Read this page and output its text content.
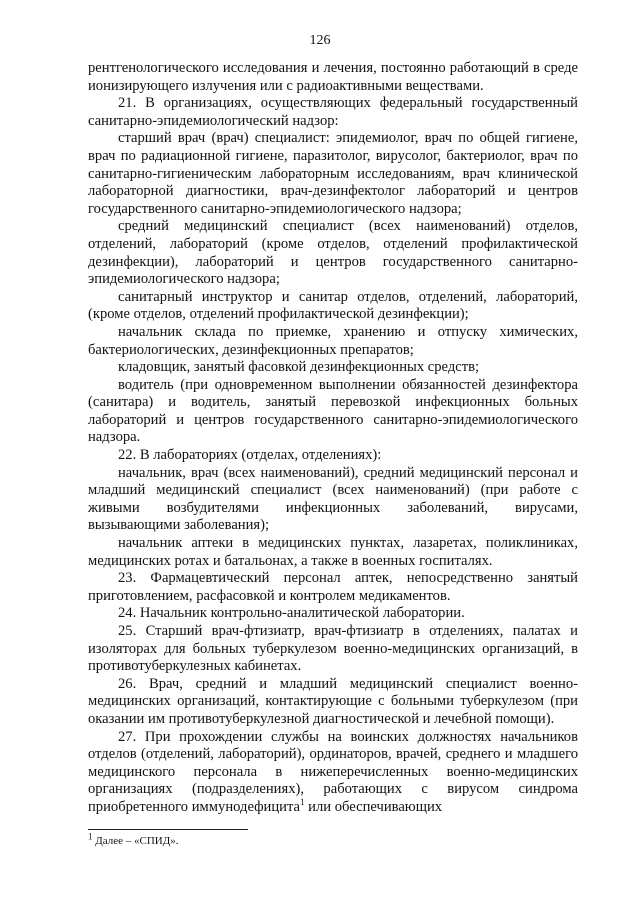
126

рентгенологического исследования и лечения, постоянно работающий в среде ионизирующего излучения или с радиоактивными веществами.

21. В организациях, осуществляющих федеральный государственный санитарно-эпидемиологический надзор:

старший врач (врач) специалист: эпидемиолог, врач по общей гигиене, врач по радиационной гигиене, паразитолог, вирусолог, бактериолог, врач по санитарно-гигиеническим лабораторным исследованиям, врач клинической лабораторной диагностики, врач-дезинфектолог лабораторий и центров государственного санитарно-эпидемиологического надзора;

средний медицинский специалист (всех наименований) отделов, отделений, лабораторий (кроме отделов, отделений профилактической дезинфекции), лабораторий и центров государственного санитарно-эпидемиологического надзора;

санитарный инструктор и санитар отделов, отделений, лабораторий, (кроме отделов, отделений профилактической дезинфекции);

начальник склада по приемке, хранению и отпуску химических, бактериологических, дезинфекционных препаратов;

кладовщик, занятый фасовкой дезинфекционных средств;

водитель (при одновременном выполнении обязанностей дезинфектора (санитара) и водитель, занятый перевозкой инфекционных больных лабораторий и центров государственного санитарно-эпидемиологического надзора.

22. В лабораториях (отделах, отделениях):

начальник, врач (всех наименований), средний медицинский персонал и младший медицинский специалист (всех наименований) (при работе с живыми возбудителями инфекционных заболеваний, вирусами, вызывающими заболевания);

начальник аптеки в медицинских пунктах, лазаретах, поликлиниках, медицинских ротах и батальонах, а также в военных госпиталях.

23. Фармацевтический персонал аптек, непосредственно занятый приготовлением, расфасовкой и контролем медикаментов.

24. Начальник контрольно-аналитической лаборатории.

25. Старший врач-фтизиатр, врач-фтизиатр в отделениях, палатах и изоляторах для больных туберкулезом военно-медицинских организаций, в противотуберкулезных кабинетах.

26. Врач, средний и младший медицинский специалист военно-медицинских организаций, контактирующие с больными туберкулезом (при оказании им противотуберкулезной диагностической и лечебной помощи).

27. При прохождении службы на воинских должностях начальников отделов (отделений, лабораторий), ординаторов, врачей, среднего и младшего медицинского персонала в нижеперечисленных военно-медицинских организациях (подразделениях), работающих с вирусом синдрома приобретенного иммунодефицита$^1$ или обеспечивающих

$^1$ Далее – «СПИД».
